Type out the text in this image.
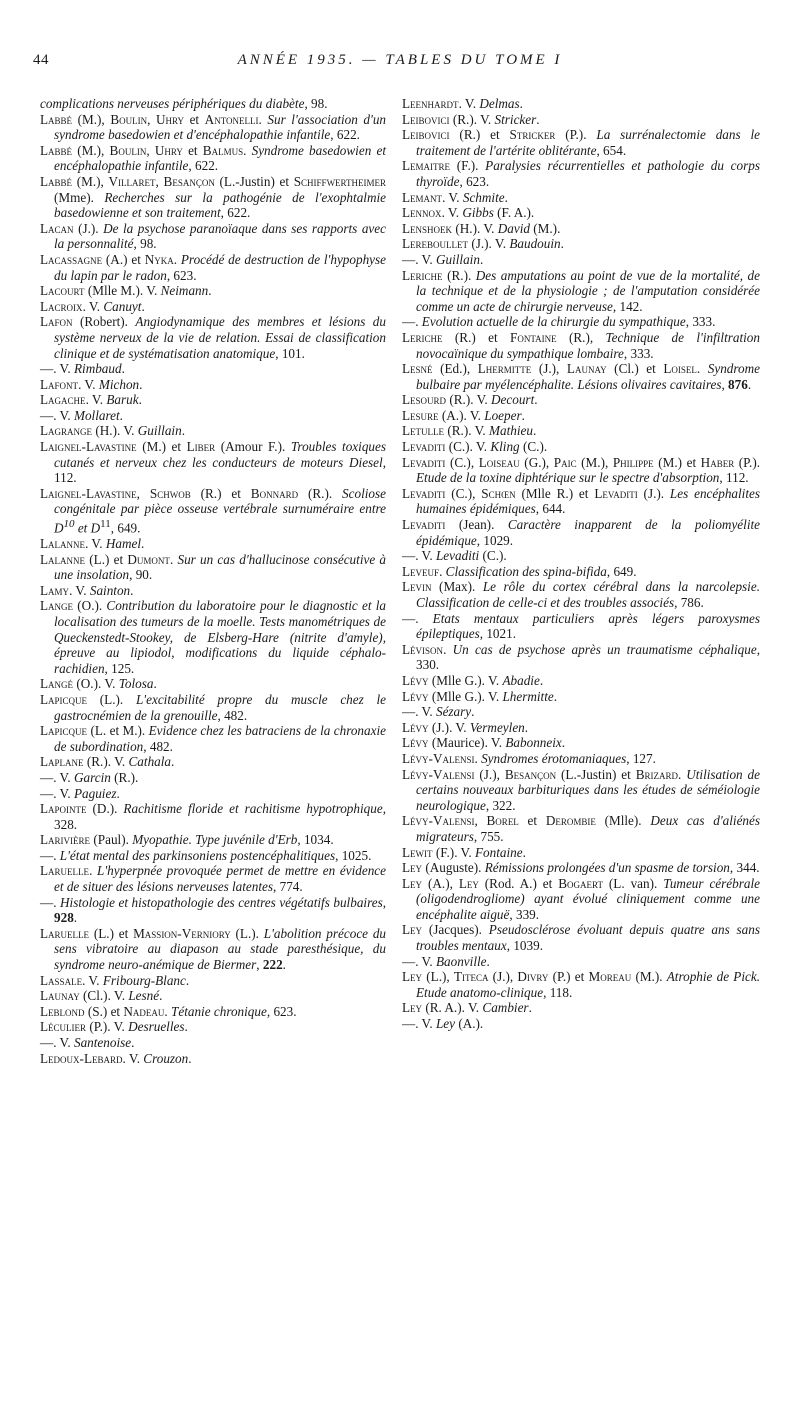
44	ANNÉE 1935. — TABLES DU TOME I

complications nerveuses périphériques du diabète, 98.

Labbé (M.), Boulin, Uhry et Antonelli. Sur l'association d'un syndrome basedowien et d'encéphalopathie infantile, 622.

Labbé (M.), Boulin, Uhry et Balmus. Syndrome basedowien et encéphalopathie infantile, 622.

Labbé (M.), Villaret, Besançon (L.-Justin) et Schiffwertheimer (Mme). Recherches sur la pathogénie de l'exophtalmie basedowienne et son traitement, 622.

Lacan (J.). De la psychose paranoïaque dans ses rapports avec la personnalité, 98.

Lacassagne (A.) et Nyka. Procédé de destruction de l'hypophyse du lapin par le radon, 623.

Lacourt (Mlle M.). V. Neimann.

Lacroix. V. Canuyt.

Lafon (Robert). Angiodynamique des membres et lésions du système nerveux de la vie de relation. Essai de classification clinique et de systématisation anatomique, 101.

—. V. Rimbaud.

Lafont. V. Michon.

Lagache. V. Baruk.

—. V. Mollaret.

Lagrange (H.). V. Guillain.

Laignel-Lavastine (M.) et Liber (Amour F.). Troubles toxiques cutanés et nerveux chez les conducteurs de moteurs Diesel, 112.

Laignel-Lavastine, Schwob (R.) et Bonnard (R.). Scoliose congénitale par pièce osseuse vertébrale surnuméraire entre $D^{10}$ et $D^{11}$, 649.

Lalanne. V. Hamel.

Lalanne (L.) et Dumont. Sur un cas d'hallucinose consécutive à une insolation, 90.

Lamy. V. Sainton.

Lange (O.). Contribution du laboratoire pour le diagnostic et la localisation des tumeurs de la moelle. Tests manométriques de Queckenstedt-Stookey, de Elsberg-Hare (nitrite d'amyle), épreuve au lipiodol, modifications du liquide céphalo-rachidien, 125.

Langé (O.). V. Tolosa.

Lapicque (L.). L'excitabilité propre du muscle chez le gastrocnémien de la grenouille, 482.

Lapicque (L. et M.). Evidence chez les batraciens de la chronaxie de subordination, 482.

Laplane (R.). V. Cathala.

—. V. Garcin (R.).

—. V. Paguiez.

Lapointe (D.). Rachitisme floride et rachitisme hypotrophique, 328.

Larivière (Paul). Myopathie. Type juvénile d'Erb, 1034.

—. L'état mental des parkinsoniens postencéphalitiques, 1025.

Laruelle. L'hyperpnée provoquée permet de mettre en évidence et de situer des lésions nerveuses latentes, 774.

—. Histologie et histopathologie des centres végétatifs bulbaires, 928.

Laruelle (L.) et Massion-Verniory (L.). L'abolition précoce du sens vibratoire au diapason au stade paresthésique, du syndrome neuro-anémique de Biermer, 222.

Lassale. V. Fribourg-Blanc.

Launay (Cl.). V. Lesné.

Leblond (S.) et Nadeau. Tétanie chronique, 623.

Léculier (P.). V. Desruelles.

—. V. Santenoise.

Ledoux-Lebard. V. Crouzon.

Leenhardt. V. Delmas.

Leibovici (R.). V. Stricker.

Leibovici (R.) et Stricker (P.). La surrénalectomie dans le traitement de l'artérite oblitérante, 654.

Lemaitre (F.). Paralysies récurrentielles et pathologie du corps thyroïde, 623.

Lemant. V. Schmite.

Lennox. V. Gibbs (F. A.).

Lenshoek (H.). V. David (M.).

Lereboullet (J.). V. Baudouin.

—. V. Guillain.

Leriche (R.). Des amputations au point de vue de la mortalité, de la technique et de la physiologie ; de l'amputation considérée comme un acte de chirurgie nerveuse, 142.

—. Evolution actuelle de la chirurgie du sympathique, 333.

Leriche (R.) et Fontaine (R.), Technique de l'infiltration novocaïnique du sympathique lombaire, 333.

Lesné (Ed.), Lhermitte (J.), Launay (Cl.) et Loisel. Syndrome bulbaire par myélencéphalite. Lésions olivaires cavitaires, 876.

Lesourd (R.). V. Decourt.

Lesure (A.). V. Loeper.

Letulle (R.). V. Mathieu.

Levaditi (C.). V. Kling (C.).

Levaditi (C.), Loiseau (G.), Paic (M.), Philippe (M.) et Haber (P.). Etude de la toxine diphtérique sur le spectre d'absorption, 112.

Levaditi (C.), Schœn (Mlle R.) et Levaditi (J.). Les encéphalites humaines épidémiques, 644.

Levaditi (Jean). Caractère inapparent de la poliomyélite épidémique, 1029.

—. V. Levaditi (C.).

Leveuf. Classification des spina-bifida, 649.

Levin (Max). Le rôle du cortex cérébral dans la narcolepsie. Classification de celle-ci et des troubles associés, 786.

—. Etats mentaux particuliers après légers paroxysmes épileptiques, 1021.

Lévison. Un cas de psychose après un traumatisme céphalique, 330.

Lévy (Mlle G.). V. Abadie.

Lévy (Mlle G.). V. Lhermitte.

—. V. Sézary.

Lévy (J.). V. Vermeylen.

Lévy (Maurice). V. Babonneix.

Lévy-Valensi. Syndromes érotomaniaques, 127.

Lévy-Valensi (J.), Besançon (L.-Justin) et Brizard. Utilisation de certains nouveaux barbituriques dans les études de séméiologie neurologique, 322.

Lévy-Valensi, Borel et Derombie (Mlle). Deux cas d'aliénés migrateurs, 755.

Lewit (F.). V. Fontaine.

Ley (Auguste). Rémissions prolongées d'un spasme de torsion, 344.

Ley (A.), Ley (Rod. A.) et Bogaert (L. van). Tumeur cérébrale (oligodendrogliome) ayant évolué cliniquement comme une encéphalite aiguë, 339.

Ley (Jacques). Pseudosclérose évoluant depuis quatre ans sans troubles mentaux, 1039.

—. V. Baonville.

Ley (L.), Titeca (J.), Divry (P.) et Moreau (M.). Atrophie de Pick. Etude anatomo-clinique, 118.

Ley (R. A.). V. Cambier.

—. V. Ley (A.).
